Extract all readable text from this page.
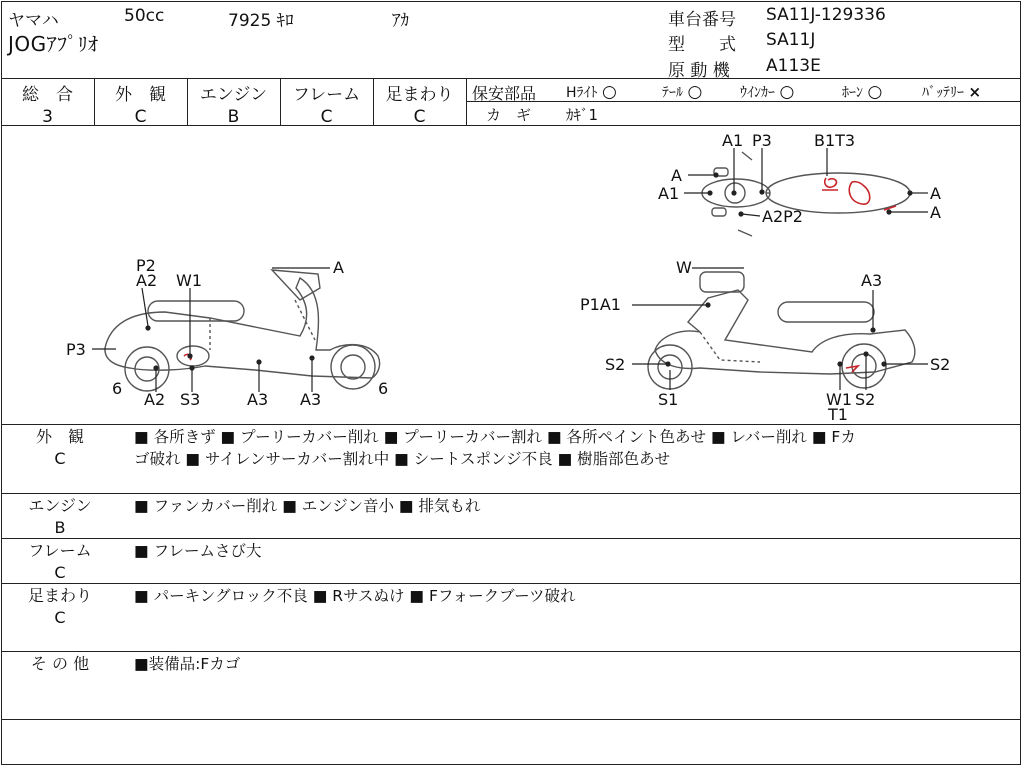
ヤマハ	50cc	7925 ｷﾛ	ｱｶ
JOGｱﾌﾟﾘｵ
車台番号 SA11J-129336
型　　式 SA11J
原 動 機 A113E
総　合
3
外　観
C
エンジン
B
フレーム
C
足まわり
C
保安部品 Hﾗｲﾄ ○	ﾃｰﾙ ○	ｳｲﾝｶｰ ○	ﾎｰﾝ ○	ﾊﾞｯﾃﾘｰ ×
カ　ギ ｶｷﾞ1
P2
A2 W1
A
P3
6	6
A2 S3	A3 A3
A1 P3	B1T3
A
A1
A2P2
A
A
W
A3
P1A1
S2	S2
S1	W1 S2
T1
外　観
C
■ 各所きず ■ プーリーカバー削れ ■ プーリーカバー割れ ■ 各所ペイント色あせ ■ レバー削れ ■ Fカ
ゴ破れ ■ サイレンサーカバー割れ中 ■ シートスポンジ不良 ■ 樹脂部色あせ
エンジン
B
■ ファンカバー削れ ■ エンジン音小 ■ 排気もれ
フレーム
C
■ フレームさび大
足まわり
C
■ パーキングロック不良 ■ Rサスぬけ ■ Fフォークブーツ破れ
そ の 他	■装備品:Fカゴ
